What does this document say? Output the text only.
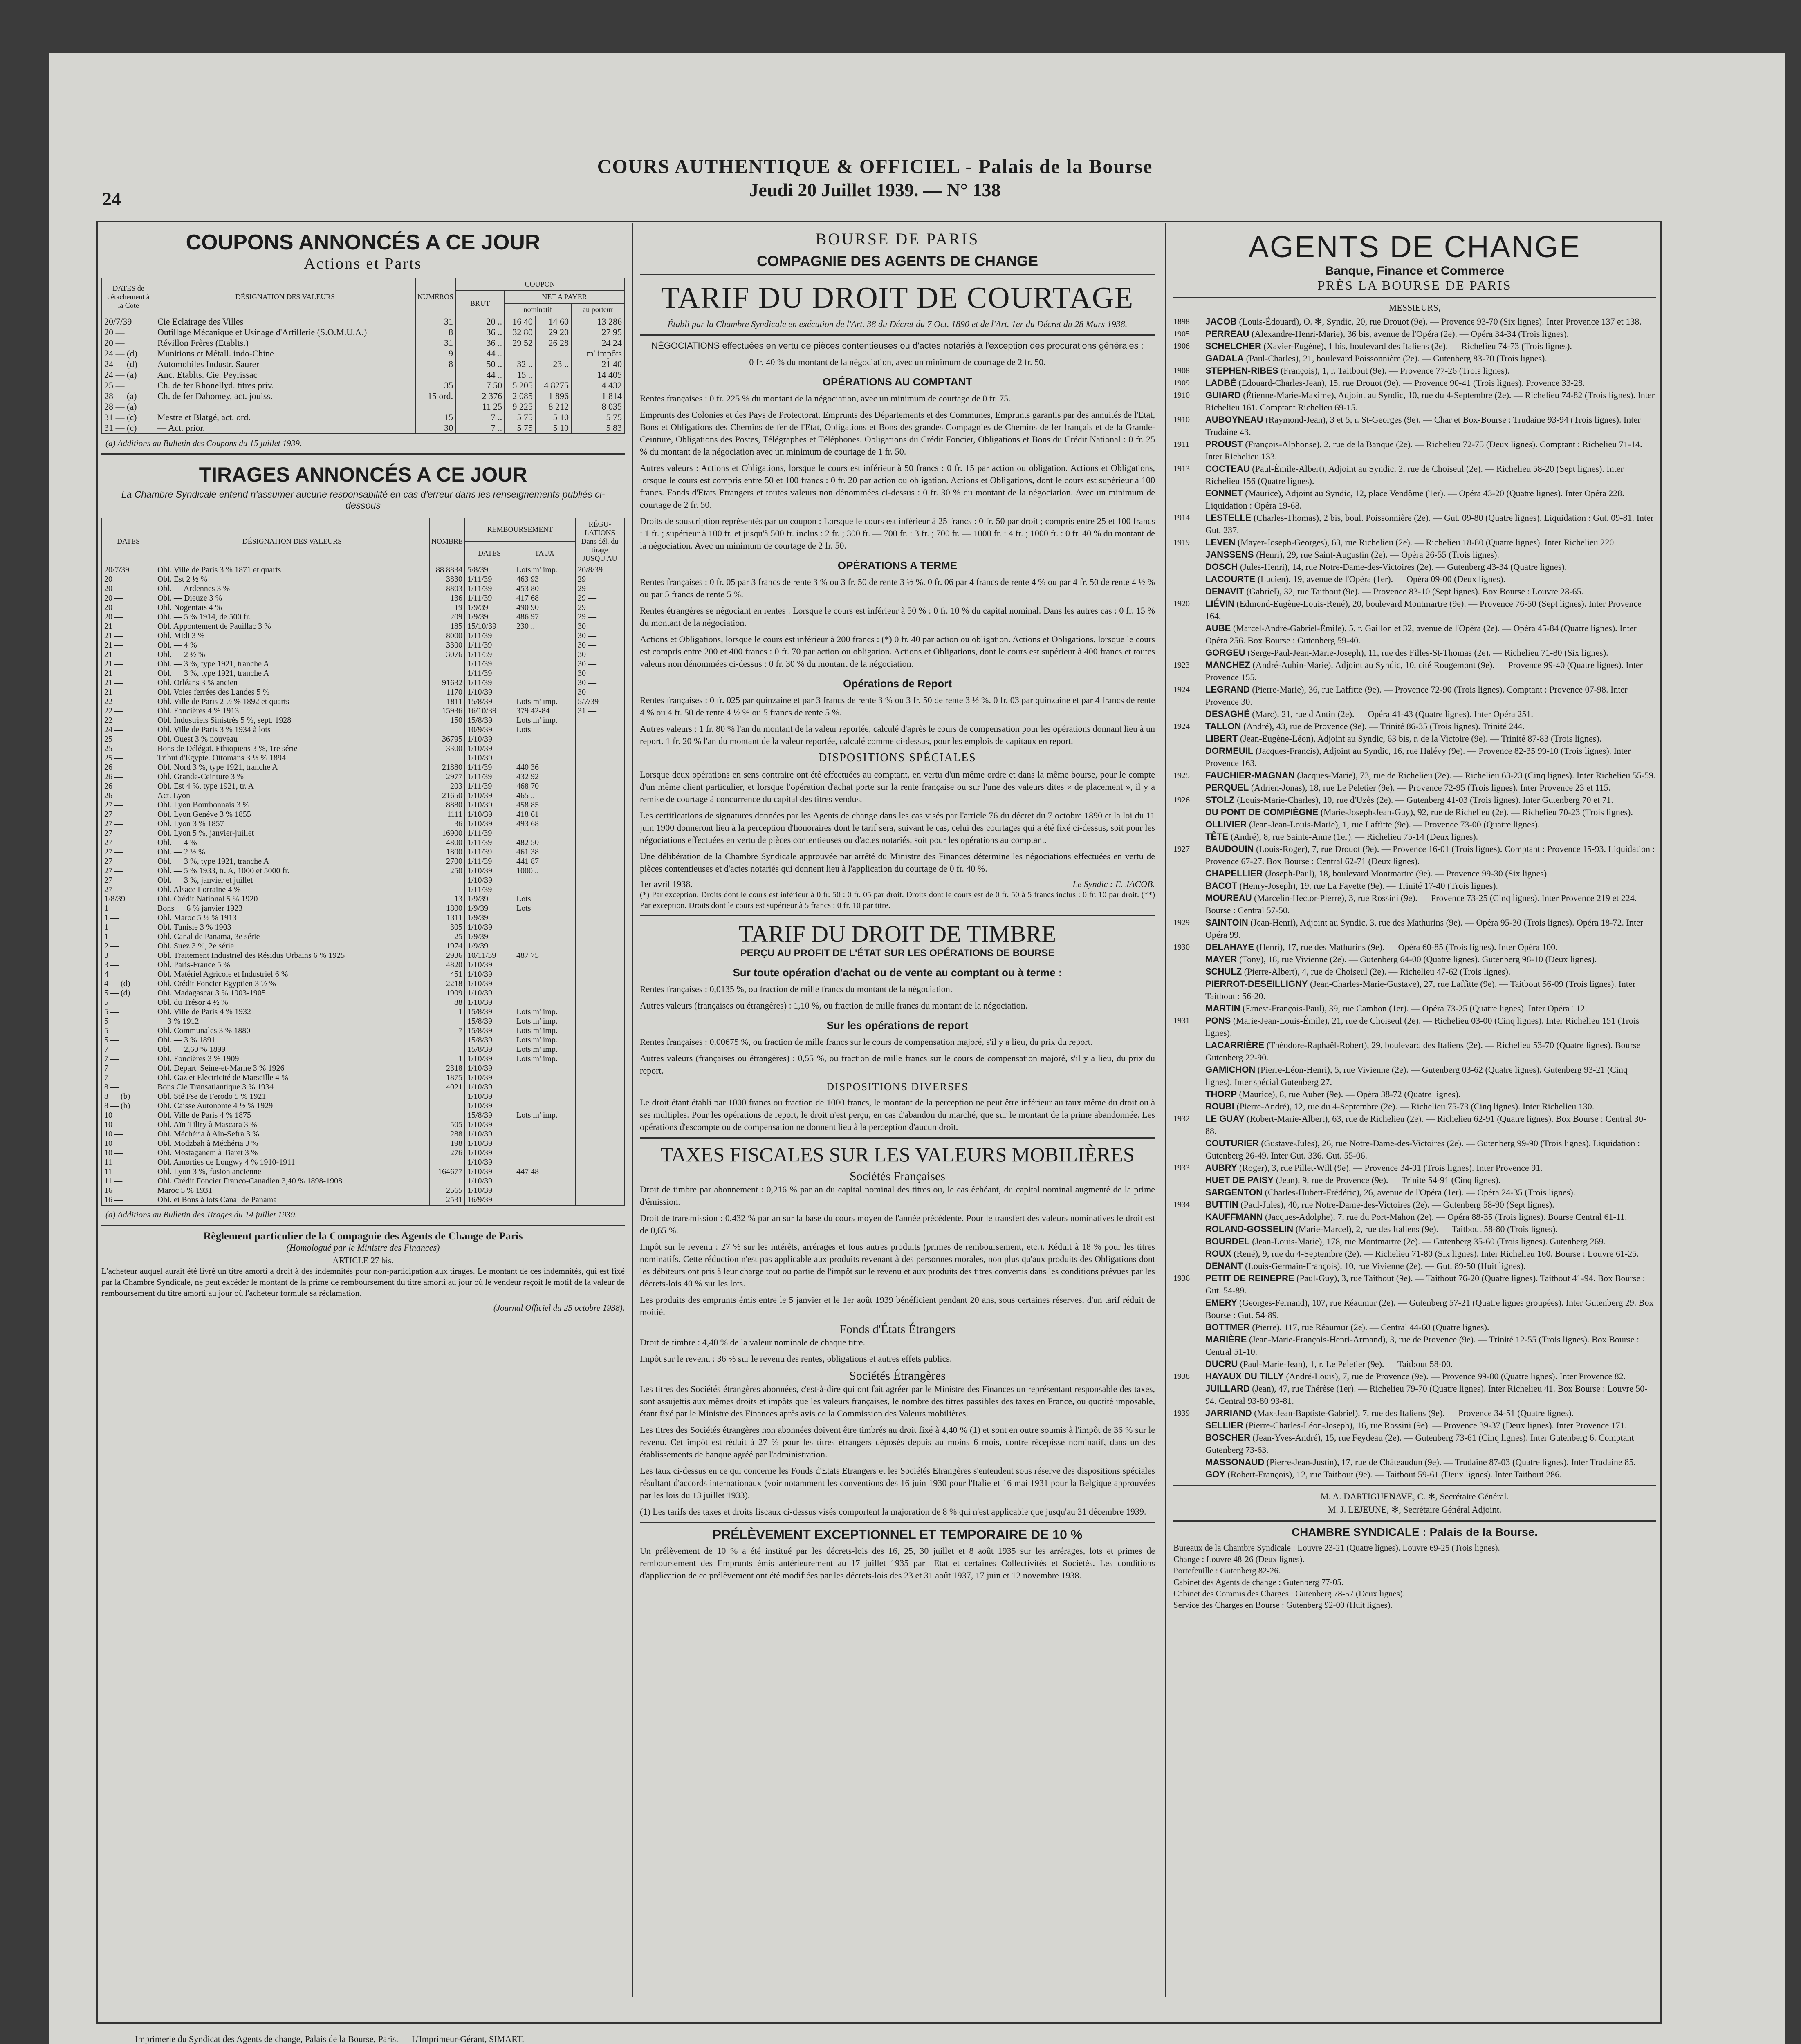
24
COURS AUTHENTIQUE & OFFICIEL - Palais de la Bourse
Jeudi 20 Juillet 1939. — N° 138
COUPONS ANNONCÉS A CE JOUR
Actions et Parts
DATES de détachement à la Cote	DÉSIGNATION DES VALEURS	NUMÉROS	COUPON			
			BRUT	NET A PAYER		
				nominatif		au porteur
20/7/39	Cie Eclairage des Villes	31	20 ..	16 40	14 60	13 286
20 —	Outillage Mécanique et Usinage d'Artillerie (S.O.M.U.A.)	8	36 ..	32 80	29 20	27 95
20 —	Révillon Frères (Etablts.)	31	36 ..	29 52	26 28	24 24
24 — (d)	Munitions et Métall. indo-Chine	9	44 ..			m' impôts
24 — (d)	Automobiles Industr. Saurer	8	50 ..	32 ..	23 ..	21 40
24 — (a)	Anc. Etablts. Cie. Peyrissac		44 ..	15 ..		14 405
25 —	Ch. de fer Rhonellyd. titres priv.	35	7 50	5 205	4 8275	4 432
28 — (a)	Ch. de fer Dahomey, act. jouiss.	15 ord.	2 376	2 085	1 896	1 814
28 — (a)			11 25	9 225	8 212	8 035
31 — (c)	Mestre et Blatgé, act. ord.	15	7 ..	5 75	5 10	5 75
31 — (c)	— Act. prior.	30	7 ..	5 75	5 10	5 83
(a) Additions au Bulletin des Coupons du 15 juillet 1939.
TIRAGES ANNONCÉS A CE JOUR
La Chambre Syndicale entend n'assumer aucune responsabilité en cas d'erreur dans les renseignements publiés ci-dessous
DATES	DÉSIGNATION DES VALEURS	NOMBRE	REMBOURSEMENT		RÉGU-LATIONS Dans dél. du tirage JUSQU'AU
			DATES	TAUX	
20/7/39	Obl. Ville de Paris 3 % 1871 et quarts	88 8834	5/8/39	Lots m' imp.	20/8/39
20 —	Obl. Est 2 ½ %	3830	1/11/39	463 93	29 —
20 —	Obl. — Ardennes 3 %	8803	1/11/39	453 80	29 —
20 —	Obl. — Dieuze 3 %	136	1/11/39	417 68	29 —
20 —	Obl. Nogentais 4 %	19	1/9/39	490 90	29 —
20 —	Obl. — 5 % 1914, de 500 fr.	209	1/9/39	486 97	29 —
21 —	Obl. Appontement de Pauillac 3 %	185	15/10/39	230 ..	30 —
21 —	Obl. Midi 3 %	8000	1/11/39		30 —
21 —	Obl. — 4 %	3300	1/11/39		30 —
21 —	Obl. — 2 ½ %	3076	1/11/39		30 —
21 —	Obl. — 3 %, type 1921, tranche A		1/11/39		30 —
21 —	Obl. — 3 %, type 1921, tranche A		1/11/39		30 —
21 —	Obl. Orléans 3 % ancien	91632	1/11/39		30 —
21 —	Obl. Voies ferrées des Landes 5 %	1170	1/10/39		30 —
22 —	Obl. Ville de Paris 2 ½ % 1892 et quarts	1811	15/8/39	Lots m' imp.	5/7/39
22 —	Obl. Foncières 4 % 1913	15936	16/10/39	379 42-84	31 —
22 —	Obl. Industriels Sinistrés 5 %, sept. 1928	150	15/8/39	Lots m' imp.	
24 —	Obl. Ville de Paris 3 % 1934 à lots		10/9/39	Lots	
25 —	Obl. Ouest 3 % nouveau	36795	1/10/39		
25 —	Bons de Délégat. Ethiopiens 3 %, 1re série	3300	1/10/39		
25 —	Tribut d'Egypte. Ottomans 3 ½ % 1894		1/10/39		
26 —	Obl. Nord 3 %, type 1921, tranche A	21880	1/11/39	440 36	
26 —	Obl. Grande-Ceinture 3 %	2977	1/11/39	432 92	
26 —	Obl. Est 4 %, type 1921, tr. A	203	1/11/39	468 70	
26 —	Act. Lyon	21650	1/10/39	465 ..	
27 —	Obl. Lyon Bourbonnais 3 %	8880	1/10/39	458 85	
27 —	Obl. Lyon Genève 3 % 1855	1111	1/10/39	418 61	
27 —	Obl. Lyon 3 % 1857	36	1/10/39	493 68	
27 —	Obl. Lyon 5 %, janvier-juillet	16900	1/11/39		
27 —	Obl. — 4 %	4800	1/11/39	482 50	
27 —	Obl. — 2 ½ %	1800	1/11/39	461 38	
27 —	Obl. — 3 %, type 1921, tranche A	2700	1/11/39	441 87	
27 —	Obl. — 5 % 1933, tr. A, 1000 et 5000 fr.	250	1/10/39	1000 ..	
27 —	Obl. — 3 %, janvier et juillet		1/10/39		
27 —	Obl. Alsace Lorraine 4 %		1/11/39		
1/8/39	Obl. Crédit National 5 % 1920	13	1/9/39	Lots	
1 —	Bons — 6 % janvier 1923	1800	1/9/39	Lots	
1 —	Obl. Maroc 5 ½ % 1913	1311	1/9/39		
1 —	Obl. Tunisie 3 % 1903	305	1/10/39		
1 —	Obl. Canal de Panama, 3e série	25	1/9/39		
2 —	Obl. Suez 3 %, 2e série	1974	1/9/39		
3 —	Obl. Traitement Industriel des Résidus Urbains 6 % 1925	2936	10/11/39	487 75	
3 —	Obl. Paris-France 5 %	4820	1/10/39		
4 —	Obl. Matériel Agricole et Industriel 6 %	451	1/10/39		
4 — (d)	Obl. Crédit Foncier Egyptien 3 ½ %	2218	1/10/39		
5 — (d)	Obl. Madagascar 3 % 1903-1905	1909	1/10/39		
5 —	Obl. du Trésor 4 ½ %	88	1/10/39		
5 —	Obl. Ville de Paris 4 % 1932	1	15/8/39	Lots m' imp.	
5 —	— 3 % 1912		15/8/39	Lots m' imp.	
5 —	Obl. Communales 3 % 1880	7	15/8/39	Lots m' imp.	
5 —	Obl. — 3 % 1891		15/8/39	Lots m' imp.	
7 —	Obl. — 2,60 % 1899		15/8/39	Lots m' imp.	
7 —	Obl. Foncières 3 % 1909	1	1/10/39	Lots m' imp.	
7 —	Obl. Départ. Seine-et-Marne 3 % 1926	2318	1/10/39		
7 —	Obl. Gaz et Electricité de Marseille 4 %	1875	1/10/39		
8 —	Bons Cie Transatlantique 3 % 1934	4021	1/10/39		
8 — (b)	Obl. Sté Fse de Ferodo 5 % 1921		1/10/39		
8 — (b)	Obl. Caisse Autonome 4 ½ % 1929		1/10/39		
10 —	Obl. Ville de Paris 4 % 1875		15/8/39	Lots m' imp.	
10 —	Obl. Aïn-Tiliry à Mascara 3 %	505	1/10/39		
10 —	Obl. Méchéria à Aïn-Sefra 3 %	288	1/10/39		
10 —	Obl. Modzbah à Méchéria 3 %	198	1/10/39		
10 —	Obl. Mostaganem à Tiaret 3 %	276	1/10/39		
11 —	Obl. Amorties de Longwy 4 % 1910-1911		1/10/39		
11 —	Obl. Lyon 3 %, fusion ancienne	164677	1/10/39	447 48	
11 —	Obl. Crédit Foncier Franco-Canadien 3,40 % 1898-1908		1/10/39		
16 —	Maroc 5 % 1931	2565	1/10/39		
16 —	Obl. et Bons à lots Canal de Panama	2531	16/9/39		
(a) Additions au Bulletin des Tirages du 14 juillet 1939.
Règlement particulier de la Compagnie des Agents de Change de Paris
(Homologué par le Ministre des Finances)
ARTICLE 27 bis.

L'acheteur auquel aurait été livré un titre amorti a droit à des indemnités pour non-participation aux tirages. Le montant de ces indemnités, qui est fixé par la Chambre Syndicale, ne peut excéder le montant de la prime de remboursement du titre amorti au jour où le vendeur reçoit le motif de la valeur de remboursement du titre amorti au jour où l'acheteur formule sa réclamation.

(Journal Officiel du 25 octobre 1938).
BOURSE DE PARIS
COMPAGNIE DES AGENTS DE CHANGE
TARIF DU DROIT DE COURTAGE

Établi par la Chambre Syndicale en exécution de l'Art. 38 du Décret du 7 Oct. 1890 et de l'Art. 1er du Décret du 28 Mars 1938.

NÉGOCIATIONS effectuées en vertu de pièces contentieuses ou d'actes notariés à l'exception des procurations générales :

0 fr. 40 % du montant de la négociation, avec un minimum de courtage de 2 fr. 50.

OPÉRATIONS AU COMPTANT

Rentes françaises : 0 fr. 225 % du montant de la négociation, avec un minimum de courtage de 0 fr. 75.

Emprunts des Colonies et des Pays de Protectorat. Emprunts des Départements et des Communes, Emprunts garantis par des annuités de l'Etat, Bons et Obligations des Chemins de fer de l'Etat, Obligations et Bons des grandes Compagnies de Chemins de fer français et de la Grande-Ceinture, Obligations des Postes, Télégraphes et Téléphones. Obligations du Crédit Foncier, Obligations et Bons du Crédit National : 0 fr. 25 % du montant de la négociation avec un minimum de courtage de 1 fr. 50.

Autres valeurs : Actions et Obligations, lorsque le cours est inférieur à 50 francs : 0 fr. 15 par action ou obligation. Actions et Obligations, lorsque le cours est compris entre 50 et 100 francs : 0 fr. 20 par action ou obligation. Actions et Obligations, dont le cours est supérieur à 100 francs. Fonds d'Etats Etrangers et toutes valeurs non dénommées ci-dessus : 0 fr. 30 % du montant de la négociation. Avec un minimum de courtage de 2 fr. 50.

Droits de souscription représentés par un coupon : Lorsque le cours est inférieur à 25 francs : 0 fr. 50 par droit ; compris entre 25 et 100 francs : 1 fr. ; supérieur à 100 fr. et jusqu'à 500 fr. inclus : 2 fr. ; 300 fr. — 700 fr. : 3 fr. ; 700 fr. — 1000 fr. : 4 fr. ; 1000 fr. : 0 fr. 40 % du montant de la négociation. Avec un minimum de courtage de 2 fr. 50.

OPÉRATIONS A TERME

Rentes françaises : 0 fr. 05 par 3 francs de rente 3 % ou 3 fr. 50 de rente 3 ½ %. 0 fr. 06 par 4 francs de rente 4 % ou par 4 fr. 50 de rente 4 ½ % ou par 5 francs de rente 5 %.

Rentes étrangères se négociant en rentes : Lorsque le cours est inférieur à 50 % : 0 fr. 10 % du capital nominal. Dans les autres cas : 0 fr. 15 % du montant de la négociation.

Actions et Obligations, lorsque le cours est inférieur à 200 francs : (*) 0 fr. 40 par action ou obligation. Actions et Obligations, lorsque le cours est compris entre 200 et 400 francs : 0 fr. 70 par action ou obligation. Actions et Obligations, dont le cours est supérieur à 400 francs et toutes valeurs non dénommées ci-dessus : 0 fr. 30 % du montant de la négociation.

Opérations de Report

Rentes françaises : 0 fr. 025 par quinzaine et par 3 francs de rente 3 % ou 3 fr. 50 de rente 3 ½ %. 0 fr. 03 par quinzaine et par 4 francs de rente 4 % ou 4 fr. 50 de rente 4 ½ % ou 5 francs de rente 5 %.

Autres valeurs : 1 fr. 80 % l'an du montant de la valeur reportée, calculé d'après le cours de compensation pour les opérations donnant lieu à un report. 1 fr. 20 % l'an du montant de la valeur reportée, calculé comme ci-dessus, pour les emplois de capitaux en report.

DISPOSITIONS SPÉCIALES

Lorsque deux opérations en sens contraire ont été effectuées au comptant, en vertu d'un même ordre et dans la même bourse, pour le compte d'un même client particulier, et lorsque l'opération d'achat porte sur la rente française ou sur l'une des valeurs dites « de placement », il y a remise de courtage à concurrence du capital des titres vendus.

Les certifications de signatures données par les Agents de change dans les cas visés par l'article 76 du décret du 7 octobre 1890 et la loi du 11 juin 1900 donneront lieu à la perception d'honoraires dont le tarif sera, suivant le cas, celui des courtages qui a été fixé ci-dessus, soit pour les négociations effectuées en vertu de pièces contentieuses ou d'actes notariés, soit pour les opérations au comptant.

Une délibération de la Chambre Syndicale approuvée par arrêté du Ministre des Finances détermine les négociations effectuées en vertu de pièces contentieuses et d'actes notariés qui donnent lieu à l'application du courtage de 0 fr. 40 %.

1er avril 1938.	Le Syndic : E. JACOB.

(*) Par exception. Droits dont le cours est inférieur à 0 fr. 50 : 0 fr. 05 par droit. Droits dont le cours est de 0 fr. 50 à 5 francs inclus : 0 fr. 10 par droit. (**) Par exception. Droits dont le cours est supérieur à 5 francs : 0 fr. 10 par titre.

TARIF DU DROIT DE TIMBRE
PERÇU AU PROFIT DE L'ÉTAT SUR LES OPÉRATIONS DE BOURSE
Sur toute opération d'achat ou de vente au comptant ou à terme :

Rentes françaises : 0,0135 %, ou fraction de mille francs du montant de la négociation.

Autres valeurs (françaises ou étrangères) : 1,10 %, ou fraction de mille francs du montant de la négociation.

Sur les opérations de report

Rentes françaises : 0,00675 %, ou fraction de mille francs sur le cours de compensation majoré, s'il y a lieu, du prix du report.

Autres valeurs (françaises ou étrangères) : 0,55 %, ou fraction de mille francs sur le cours de compensation majoré, s'il y a lieu, du prix du report.

DISPOSITIONS DIVERSES

Le droit étant établi par 1000 francs ou fraction de 1000 francs, le montant de la perception ne peut être inférieur au taux même du droit ou à ses multiples. Pour les opérations de report, le droit n'est perçu, en cas d'abandon du marché, que sur le montant de la prime abandonnée. Les opérations d'escompte ou de compensation ne donnent lieu à la perception d'aucun droit.

TAXES FISCALES SUR LES VALEURS MOBILIÈRES
Sociétés Françaises

Droit de timbre par abonnement : 0,216 % par an du capital nominal des titres ou, le cas échéant, du capital nominal augmenté de la prime d'émission.

Droit de transmission : 0,432 % par an sur la base du cours moyen de l'année précédente. Pour le transfert des valeurs nominatives le droit est de 0,65 %.

Impôt sur le revenu : 27 % sur les intérêts, arrérages et tous autres produits (primes de remboursement, etc.). Réduit à 18 % pour les titres nominatifs. Cette réduction n'est pas applicable aux produits revenant à des personnes morales, non plus qu'aux produits des Obligations dont les débiteurs ont pris à leur charge tout ou partie de l'impôt sur le revenu et aux produits des titres convertis dans les conditions prévues par les décrets-lois 40 % sur les lots.

Les produits des emprunts émis entre le 5 janvier et le 1er août 1939 bénéficient pendant 20 ans, sous certaines réserves, d'un tarif réduit de moitié.

Fonds d'États Étrangers

Droit de timbre : 4,40 % de la valeur nominale de chaque titre.

Impôt sur le revenu : 36 % sur le revenu des rentes, obligations et autres effets publics.

Sociétés Étrangères

Les titres des Sociétés étrangères abonnées, c'est-à-dire qui ont fait agréer par le Ministre des Finances un représentant responsable des taxes, sont assujettis aux mêmes droits et impôts que les valeurs françaises, le nombre des titres passibles des taxes en France, ou quotité imposable, étant fixé par le Ministre des Finances après avis de la Commission des Valeurs mobilières.

Les titres des Sociétés étrangères non abonnées doivent être timbrés au droit fixé à 4,40 % (1) et sont en outre soumis à l'impôt de 36 % sur le revenu. Cet impôt est réduit à 27 % pour les titres étrangers déposés depuis au moins 6 mois, contre récépissé nominatif, dans un des établissements de banque agréé par l'administration.

Les taux ci-dessus en ce qui concerne les Fonds d'Etats Etrangers et les Sociétés Etrangères s'entendent sous réserve des dispositions spéciales résultant d'accords internationaux (voir notamment les conventions des 16 juin 1930 pour l'Italie et 16 mai 1931 pour la Belgique approuvées par les lois du 13 juillet 1933).

(1) Les tarifs des taxes et droits fiscaux ci-dessus visés comportent la majoration de 8 % qui n'est applicable que jusqu'au 31 décembre 1939.

PRÉLÈVEMENT EXCEPTIONNEL ET TEMPORAIRE DE 10 %

Un prélèvement de 10 % a été institué par les décrets-lois des 16, 25, 30 juillet et 8 août 1935 sur les arrérages, lots et primes de remboursement des Emprunts émis antérieurement au 17 juillet 1935 par l'Etat et certaines Collectivités et Sociétés. Les conditions d'application de ce prélèvement ont été modifiées par les décrets-lois des 23 et 31 août 1937, 17 juin et 12 novembre 1938.

AGENTS DE CHANGE
Banque, Finance et Commerce
PRÈS LA BOURSE DE PARIS
MESSIEURS,

1898 JACOB (Louis-Édouard), O. ✻, Syndic, 20, rue Drouot (9e). — Provence 93-70 (Six lignes). Inter Provence 137 et 138.

1905 PERREAU (Alexandre-Henri-Marie), 36 bis, avenue de l'Opéra (2e). — Opéra 34-34 (Trois lignes).

1906 SCHELCHER (Xavier-Eugène), 1 bis, boulevard des Italiens (2e). — Richelieu 74-73 (Trois lignes).

GADALA (Paul-Charles), 21, boulevard Poissonnière (2e). — Gutenberg 83-70 (Trois lignes).

1908 STEPHEN-RIBES (François), 1, r. Taitbout (9e). — Provence 77-26 (Trois lignes).

1909 LADBÉ (Edouard-Charles-Jean), 15, rue Drouot (9e). — Provence 90-41 (Trois lignes). Provence 33-28.

1910 GUIARD (Étienne-Marie-Maxime), Adjoint au Syndic, 10, rue du 4-Septembre (2e). — Richelieu 74-82 (Trois lignes). Inter Richelieu 161. Comptant Richelieu 69-15.

1910 AUBOYNEAU (Raymond-Jean), 3 et 5, r. St-Georges (9e). — Char et Box-Bourse : Trudaine 93-94 (Trois lignes). Inter Trudaine 43.

1911 PROUST (François-Alphonse), 2, rue de la Banque (2e). — Richelieu 72-75 (Deux lignes). Comptant : Richelieu 71-14. Inter Richelieu 133.

1913 COCTEAU (Paul-Émile-Albert), Adjoint au Syndic, 2, rue de Choiseul (2e). — Richelieu 58-20 (Sept lignes). Inter Richelieu 156 (Quatre lignes).

EONNET (Maurice), Adjoint au Syndic, 12, place Vendôme (1er). — Opéra 43-20 (Quatre lignes). Inter Opéra 228. Liquidation : Opéra 19-68.

1914 LESTELLE (Charles-Thomas), 2 bis, boul. Poissonnière (2e). — Gut. 09-80 (Quatre lignes). Liquidation : Gut. 09-81. Inter Gut. 237.

1919 LEVEN (Mayer-Joseph-Georges), 63, rue Richelieu (2e). — Richelieu 18-80 (Quatre lignes). Inter Richelieu 220.

JANSSENS (Henri), 29, rue Saint-Augustin (2e). — Opéra 26-55 (Trois lignes).

DOSCH (Jules-Henri), 14, rue Notre-Dame-des-Victoires (2e). — Gutenberg 43-34 (Quatre lignes).

LACOURTE (Lucien), 19, avenue de l'Opéra (1er). — Opéra 09-00 (Deux lignes).

DENAVIT (Gabriel), 32, rue Taitbout (9e). — Provence 83-10 (Sept lignes). Box Bourse : Louvre 28-65.

1920 LIÉVIN (Edmond-Eugène-Louis-René), 20, boulevard Montmartre (9e). — Provence 76-50 (Sept lignes). Inter Provence 164.

AUBE (Marcel-André-Gabriel-Émile), 5, r. Gaillon et 32, avenue de l'Opéra (2e). — Opéra 45-84 (Quatre lignes). Inter Opéra 256. Box Bourse : Gutenberg 59-40.

GORGEU (Serge-Paul-Jean-Marie-Joseph), 11, rue des Filles-St-Thomas (2e). — Richelieu 71-80 (Six lignes).

1923 MANCHEZ (André-Aubin-Marie), Adjoint au Syndic, 10, cité Rougemont (9e). — Provence 99-40 (Quatre lignes). Inter Provence 155.

1924 LEGRAND (Pierre-Marie), 36, rue Laffitte (9e). — Provence 72-90 (Trois lignes). Comptant : Provence 07-98. Inter Provence 30.

DESAGHÉ (Marc), 21, rue d'Antin (2e). — Opéra 41-43 (Quatre lignes). Inter Opéra 251.

1924 TALLON (André), 43, rue de Provence (9e). — Trinité 86-35 (Trois lignes). Trinité 244.

LIBERT (Jean-Eugène-Léon), Adjoint au Syndic, 63 bis, r. de la Victoire (9e). — Trinité 87-83 (Trois lignes).

DORMEUIL (Jacques-Francis), Adjoint au Syndic, 16, rue Halévy (9e). — Provence 82-35 99-10 (Trois lignes). Inter Provence 163.

1925 FAUCHIER-MAGNAN (Jacques-Marie), 73, rue de Richelieu (2e). — Richelieu 63-23 (Cinq lignes). Inter Richelieu 55-59.

PERQUEL (Adrien-Jonas), 18, rue Le Peletier (9e). — Provence 72-95 (Trois lignes). Inter Provence 23 et 115.

1926 STOLZ (Louis-Marie-Charles), 10, rue d'Uzès (2e). — Gutenberg 41-03 (Trois lignes). Inter Gutenberg 70 et 71.

DU PONT DE COMPIÈGNE (Marie-Joseph-Jean-Guy), 92, rue de Richelieu (2e). — Richelieu 70-23 (Trois lignes).

OLLIVIER (Jean-Jean-Louis-Marie), 1, rue Laffitte (9e). — Provence 73-00 (Quatre lignes).

TÊTE (André), 8, rue Sainte-Anne (1er). — Richelieu 75-14 (Deux lignes).

1927 BAUDOUIN (Louis-Roger), 7, rue Drouot (9e). — Provence 16-01 (Trois lignes). Comptant : Provence 15-93. Liquidation : Provence 67-27. Box Bourse : Central 62-71 (Deux lignes).

CHAPELLIER (Joseph-Paul), 18, boulevard Montmartre (9e). — Provence 99-30 (Six lignes).

BACOT (Henry-Joseph), 19, rue La Fayette (9e). — Trinité 17-40 (Trois lignes).

MOUREAU (Marcelin-Hector-Pierre), 3, rue Rossini (9e). — Provence 73-25 (Cinq lignes). Inter Provence 219 et 224. Bourse : Central 57-50.

1929 SAINTOIN (Jean-Henri), Adjoint au Syndic, 3, rue des Mathurins (9e). — Opéra 95-30 (Trois lignes). Opéra 18-72. Inter Opéra 99.

1930 DELAHAYE (Henri), 17, rue des Mathurins (9e). — Opéra 60-85 (Trois lignes). Inter Opéra 100.

MAYER (Tony), 18, rue Vivienne (2e). — Gutenberg 64-00 (Quatre lignes). Gutenberg 98-10 (Deux lignes).

SCHULZ (Pierre-Albert), 4, rue de Choiseul (2e). — Richelieu 47-62 (Trois lignes).

PIERROT-DESEILLIGNY (Jean-Charles-Marie-Gustave), 27, rue Laffitte (9e). — Taitbout 56-09 (Trois lignes). Inter Taitbout : 56-20.

MARTIN (Ernest-François-Paul), 39, rue Cambon (1er). — Opéra 73-25 (Quatre lignes). Inter Opéra 112.

1931 PONS (Marie-Jean-Louis-Émile), 21, rue de Choiseul (2e). — Richelieu 03-00 (Cinq lignes). Inter Richelieu 151 (Trois lignes).

LACARRIÈRE (Théodore-Raphaël-Robert), 29, boulevard des Italiens (2e). — Richelieu 53-70 (Quatre lignes). Bourse Gutenberg 22-90.

GAMICHON (Pierre-Léon-Henri), 5, rue Vivienne (2e). — Gutenberg 03-62 (Quatre lignes). Gutenberg 93-21 (Cinq lignes). Inter spécial Gutenberg 27.

THORP (Maurice), 8, rue Auber (9e). — Opéra 38-72 (Quatre lignes).

ROUBI (Pierre-André), 12, rue du 4-Septembre (2e). — Richelieu 75-73 (Cinq lignes). Inter Richelieu 130.

1932 LE GUAY (Robert-Marie-Albert), 63, rue de Richelieu (2e). — Richelieu 62-91 (Quatre lignes). Box Bourse : Central 30-88.

COUTURIER (Gustave-Jules), 26, rue Notre-Dame-des-Victoires (2e). — Gutenberg 99-90 (Trois lignes). Liquidation : Gutenberg 26-49. Inter Gut. 336. Gut. 55-06.

1933 AUBRY (Roger), 3, rue Pillet-Will (9e). — Provence 34-01 (Trois lignes). Inter Provence 91.

HUET DE PAISY (Jean), 9, rue de Provence (9e). — Trinité 54-91 (Cinq lignes).

SARGENTON (Charles-Hubert-Frédéric), 26, avenue de l'Opéra (1er). — Opéra 24-35 (Trois lignes).

1934 BUTTIN (Paul-Jules), 40, rue Notre-Dame-des-Victoires (2e). — Gutenberg 58-90 (Sept lignes).

KAUFFMANN (Jacques-Adolphe), 7, rue du Port-Mahon (2e). — Opéra 88-35 (Trois lignes). Bourse Central 61-11.

ROLAND-GOSSELIN (Marie-Marcel), 2, rue des Italiens (9e). — Taitbout 58-80 (Trois lignes).

BOURDEL (Jean-Louis-Marie), 178, rue Montmartre (2e). — Gutenberg 35-60 (Trois lignes). Gutenberg 269.

ROUX (René), 9, rue du 4-Septembre (2e). — Richelieu 71-80 (Six lignes). Inter Richelieu 160. Bourse : Louvre 61-25.

DENANT (Louis-Germain-François), 10, rue Vivienne (2e). — Gut. 89-50 (Huit lignes).

1936 PETIT DE REINEPRE (Paul-Guy), 3, rue Taitbout (9e). — Taitbout 76-20 (Quatre lignes). Taitbout 41-94. Box Bourse : Gut. 54-89.

EMERY (Georges-Fernand), 107, rue Réaumur (2e). — Gutenberg 57-21 (Quatre lignes groupées). Inter Gutenberg 29. Box Bourse : Gut. 54-89.

BOTTMER (Pierre), 117, rue Réaumur (2e). — Central 44-60 (Quatre lignes).

MARIÈRE (Jean-Marie-François-Henri-Armand), 3, rue de Provence (9e). — Trinité 12-55 (Trois lignes). Box Bourse : Central 51-10.

DUCRU (Paul-Marie-Jean), 1, r. Le Peletier (9e). — Taitbout 58-00.

1938 HAYAUX DU TILLY (André-Louis), 7, rue de Provence (9e). — Provence 99-80 (Quatre lignes). Inter Provence 82.

JUILLARD (Jean), 47, rue Thérèse (1er). — Richelieu 79-70 (Quatre lignes). Inter Richelieu 41. Box Bourse : Louvre 50-94. Central 93-80 93-81.

1939 JARRIAND (Max-Jean-Baptiste-Gabriel), 7, rue des Italiens (9e). — Provence 34-51 (Quatre lignes).

SELLIER (Pierre-Charles-Léon-Joseph), 16, rue Rossini (9e). — Provence 39-37 (Deux lignes). Inter Provence 171.

BOSCHER (Jean-Yves-André), 15, rue Feydeau (2e). — Gutenberg 73-61 (Cinq lignes). Inter Gutenberg 6. Comptant Gutenberg 73-63.

MASSONAUD (Pierre-Jean-Justin), 17, rue de Châteaudun (9e). — Trudaine 87-03 (Quatre lignes). Inter Trudaine 85.

GOY (Robert-François), 12, rue Taitbout (9e). — Taitbout 59-61 (Deux lignes). Inter Taitbout 286.

M. A. DARTIGUENAVE, C. ✻, Secrétaire Général.
M. J. LEJEUNE, ✻, Secrétaire Général Adjoint.
CHAMBRE SYNDICALE : Palais de la Bourse.
Bureaux de la Chambre Syndicale : Louvre 23-21 (Quatre lignes). Louvre 69-25 (Trois lignes).
Change : Louvre 48-26 (Deux lignes).
Portefeuille : Gutenberg 82-26.
Cabinet des Agents de change : Gutenberg 77-05.
Cabinet des Commis des Charges : Gutenberg 78-57 (Deux lignes).
Service des Charges en Bourse : Gutenberg 92-00 (Huit lignes).
Imprimerie du Syndicat des Agents de change, Palais de la Bourse, Paris. — L'Imprimeur-Gérant, SIMART.
